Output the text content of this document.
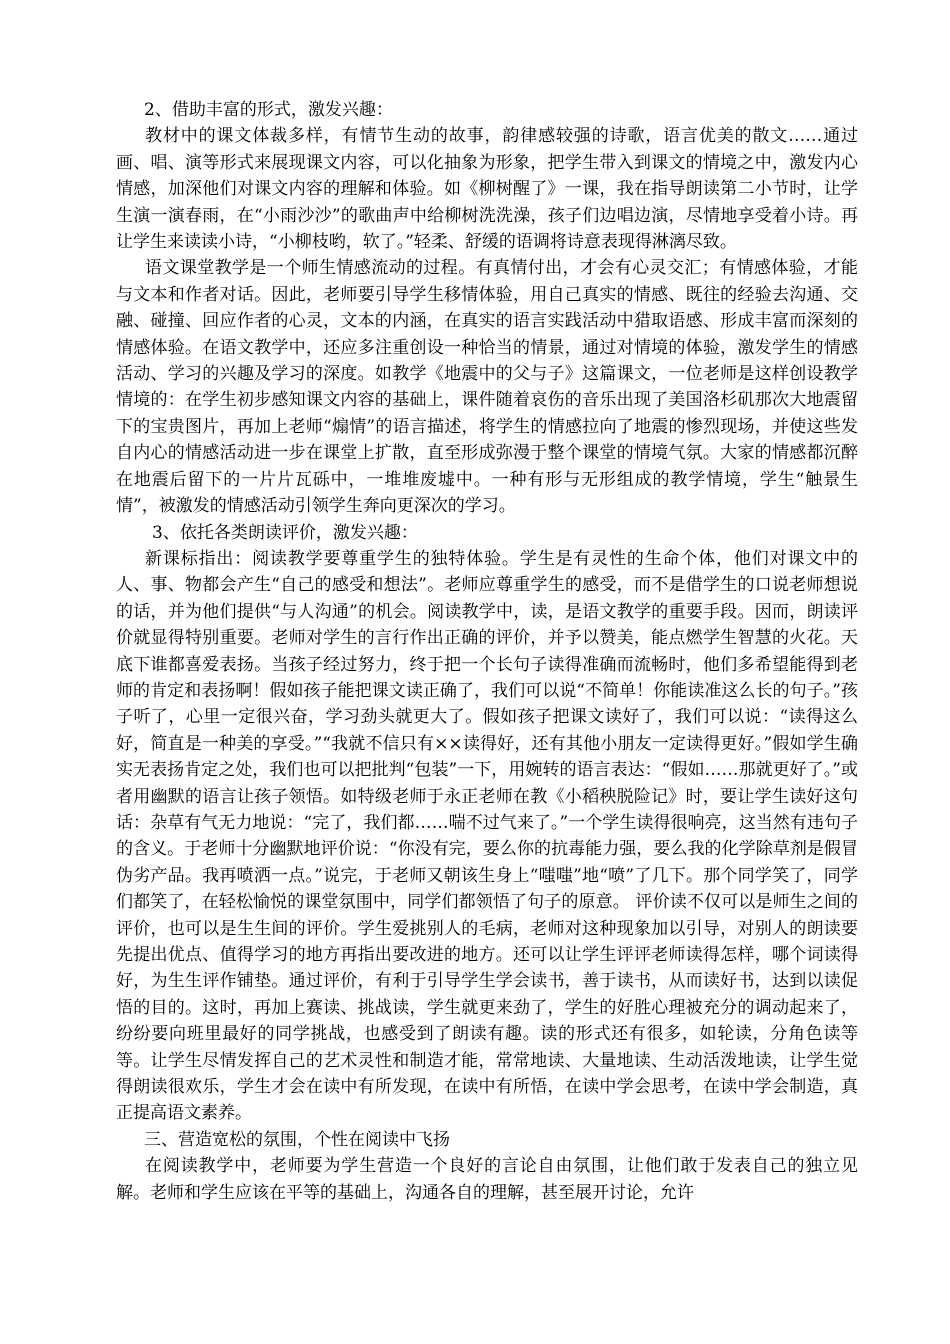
2、借助丰富的形式，激发兴趣：

教材中的课文体裁多样，有情节生动的故事，韵律感较强的诗歌，语言优美的散文……通过画、唱、演等形式来展现课文内容，可以化抽象为形象，把学生带入到课文的情境之中，激发内心情感，加深他们对课文内容的理解和体验。如《柳树醒了》一课，我在指导朗读第二小节时，让学生演一演春雨，在“小雨沙沙”的歌曲声中给柳树洗洗澡，孩子们边唱边演，尽情地享受着小诗。再让学生来读读小诗，“小柳枝哟，软了。”轻柔、舒缓的语调将诗意表现得淋漓尽致。

语文课堂教学是一个师生情感流动的过程。有真情付出，才会有心灵交汇；有情感体验，才能与文本和作者对话。因此，老师要引导学生移情体验，用自己真实的情感、既往的经验去沟通、交融、碰撞、回应作者的心灵，文本的内涵，在真实的语言实践活动中猎取语感、形成丰富而深刻的情感体验。在语文教学中，还应多注重创设一种恰当的情景，通过对情境的体验，激发学生的情感活动、学习的兴趣及学习的深度。如教学《地震中的父与子》这篇课文，一位老师是这样创设教学情境的：在学生初步感知课文内容的基础上，课件随着哀伤的音乐出现了美国洛杉矶那次大地震留下的宝贵图片，再加上老师“煽情”的语言描述，将学生的情感拉向了地震的惨烈现场，并使这些发自内心的情感活动进一步在课堂上扩散，直至形成弥漫于整个课堂的情境气氛。大家的情感都沉醉在地震后留下的一片片瓦砾中，一堆堆废墟中。一种有形与无形组成的教学情境，学生“触景生情”，被激发的情感活动引领学生奔向更深次的学习。

3、依托各类朗读评价，激发兴趣：

新课标指出：阅读教学要尊重学生的独特体验。学生是有灵性的生命个体，他们对课文中的人、事、物都会产生“自己的感受和想法”。老师应尊重学生的感受，而不是借学生的口说老师想说的话，并为他们提供“与人沟通”的机会。阅读教学中，读，是语文教学的重要手段。因而，朗读评价就显得特别重要。老师对学生的言行作出正确的评价，并予以赞美，能点燃学生智慧的火花。天底下谁都喜爱表扬。当孩子经过努力，终于把一个长句子读得准确而流畅时，他们多希望能得到老师的肯定和表扬啊！假如孩子能把课文读正确了，我们可以说“不简单！你能读准这么长的句子。”孩子听了，心里一定很兴奋，学习劲头就更大了。假如孩子把课文读好了，我们可以说：“读得这么好，简直是一种美的享受。”“我就不信只有××读得好，还有其他小朋友一定读得更好。”假如学生确实无表扬肯定之处，我们也可以把批判“包装”一下，用婉转的语言表达：“假如……那就更好了。”或者用幽默的语言让孩子领悟。如特级老师于永正老师在教《小稻秧脱险记》时，要让学生读好这句话：杂草有气无力地说：“完了，我们都……喘不过气来了。”一个学生读得很响亮，这当然有违句子的含义。于老师十分幽默地评价说：“你没有完，要么你的抗毒能力强，要么我的化学除草剂是假冒伪劣产品。我再喷洒一点。”说完，于老师又朝该生身上“嗤嗤”地“喷”了几下。那个同学笑了，同学们都笑了，在轻松愉悦的课堂氛围中，同学们都领悟了句子的原意。 评价读不仅可以是师生之间的评价，也可以是生生间的评价。学生爱挑别人的毛病，老师对这种现象加以引导，对别人的朗读要先提出优点、值得学习的地方再指出要改进的地方。还可以让学生评评老师读得怎样，哪个词读得好，为生生评作铺垫。通过评价，有利于引导学生学会读书，善于读书，从而读好书，达到以读促悟的目的。这时，再加上赛读、挑战读，学生就更来劲了，学生的好胜心理被充分的调动起来了，纷纷要向班里最好的同学挑战，也感受到了朗读有趣。读的形式还有很多，如轮读，分角色读等等。让学生尽情发挥自己的艺术灵性和制造才能，常常地读、大量地读、生动活泼地读，让学生觉得朗读很欢乐，学生才会在读中有所发现，在读中有所悟，在读中学会思考，在读中学会制造，真正提高语文素养。

三、营造宽松的氛围，个性在阅读中飞扬

在阅读教学中，老师要为学生营造一个良好的言论自由氛围，让他们敢于发表自己的独立见解。老师和学生应该在平等的基础上，沟通各自的理解，甚至展开讨论，允许
